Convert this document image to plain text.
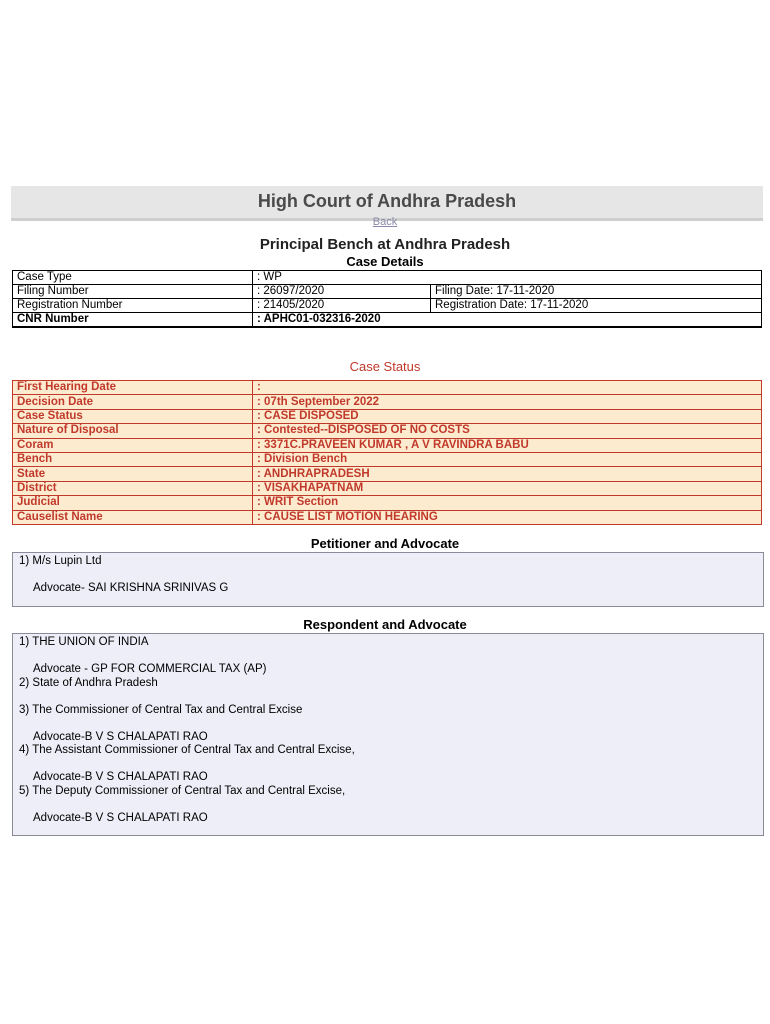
High Court of Andhra Pradesh
Back
Principal Bench at Andhra Pradesh
Case Details
Case Type	: WP	
Filing Number	: 26097/2020	Filing Date: 17-11-2020
Registration Number	: 21405/2020	Registration Date: 17-11-2020
CNR Number	: APHC01-032316-2020	
Case Status
First Hearing Date	:
Decision Date	: 07th September 2022
Case Status	: CASE DISPOSED
Nature of Disposal	: Contested--DISPOSED OF NO COSTS
Coram	: 3371C.PRAVEEN KUMAR , A V RAVINDRA BABU
Bench	: Division Bench
State	: ANDHRAPRADESH
District	: VISAKHAPATNAM
Judicial	: WRIT Section
Causelist Name	: CAUSE LIST MOTION HEARING
Petitioner and Advocate
1) M/s Lupin Ltd
Advocate- SAI KRISHNA SRINIVAS G
Respondent and Advocate
1) THE UNION OF INDIA
Advocate - GP FOR COMMERCIAL TAX (AP)
2) State of Andhra Pradesh
3) The Commissioner of Central Tax and Central Excise
Advocate-B V S CHALAPATI RAO
4) The Assistant Commissioner of Central Tax and Central Excise,
Advocate-B V S CHALAPATI RAO
5) The Deputy Commissioner of Central Tax and Central Excise,
Advocate-B V S CHALAPATI RAO
